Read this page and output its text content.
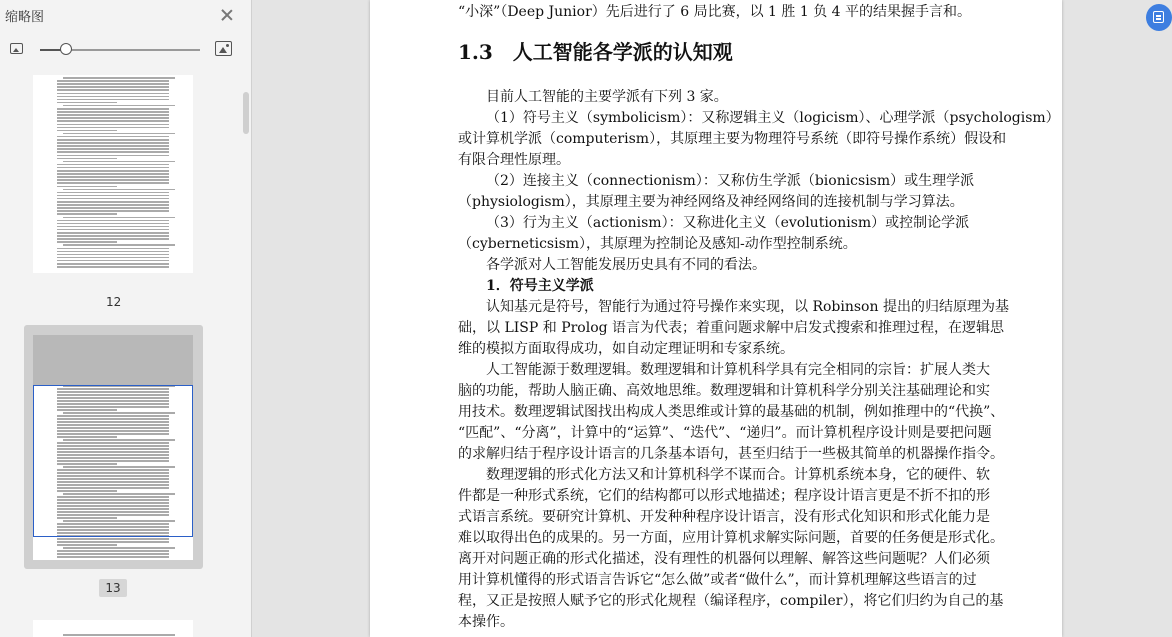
缩略图
12
13
“小深”（Deep Junior）先后进行了 6 局比赛，以 1 胜 1 负 4 平的结果握手言和。
1.3　人工智能各学派的认知观
目前人工智能的主要学派有下列 3 家。
（1）符号主义（symbolicism）：又称逻辑主义（logicism）、心理学派（psychologism）
或计算机学派（computerism），其原理主要为物理符号系统（即符号操作系统）假设和
有限合理性原理。
（2）连接主义（connectionism）：又称仿生学派（bionicsism）或生理学派
（physiologism），其原理主要为神经网络及神经网络间的连接机制与学习算法。
（3）行为主义（actionism）：又称进化主义（evolutionism）或控制论学派
（cyberneticsism），其原理为控制论及感知-动作型控制系统。
各学派对人工智能发展历史具有不同的看法。
1．符号主义学派
认知基元是符号，智能行为通过符号操作来实现，以 Robinson 提出的归结原理为基
础，以 LISP 和 Prolog 语言为代表；着重问题求解中启发式搜索和推理过程，在逻辑思
维的模拟方面取得成功，如自动定理证明和专家系统。
人工智能源于数理逻辑。数理逻辑和计算机科学具有完全相同的宗旨：扩展人类大
脑的功能，帮助人脑正确、高效地思维。数理逻辑和计算机科学分别关注基础理论和实
用技术。数理逻辑试图找出构成人类思维或计算的最基础的机制，例如推理中的“代换”、
“匹配”、“分离”，计算中的“运算”、“迭代”、“递归”。而计算机程序设计则是要把问题
的求解归结于程序设计语言的几条基本语句，甚至归结于一些极其简单的机器操作指令。
数理逻辑的形式化方法又和计算机科学不谋而合。计算机系统本身，它的硬件、软
件都是一种形式系统，它们的结构都可以形式地描述；程序设计语言更是不折不扣的形
式语言系统。要研究计算机、开发种种程序设计语言，没有形式化知识和形式化能力是
难以取得出色的成果的。另一方面，应用计算机求解实际问题，首要的任务便是形式化。
离开对问题正确的形式化描述，没有理性的机器何以理解、解答这些问题呢？人们必须
用计算机懂得的形式语言告诉它“怎么做”或者“做什么”，而计算机理解这些语言的过
程，又正是按照人赋予它的形式化规程（编译程序，compiler），将它们归约为自己的基
本操作。
